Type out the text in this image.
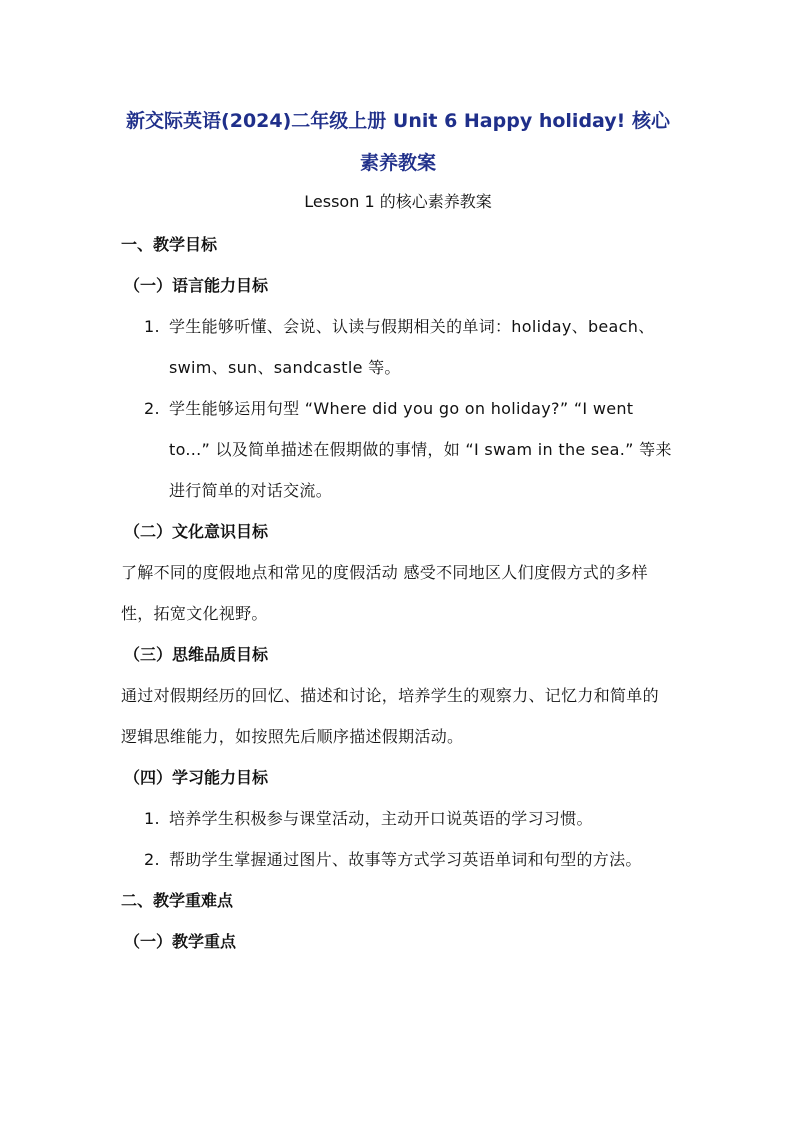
新交际英语(2024)二年级上册 Unit 6 Happy holiday! 核心素养教案

Lesson 1 的核心素养教案

一、教学目标

（一）语言能力目标

1. 学生能够听懂、会说、认读与假期相关的单词：holiday、beach、swim、sun、sandcastle 等。
2. 学生能够运用句型 “Where did you go on holiday?” “I went to...” 以及简单描述在假期做的事情，如 “I swam in the sea.” 等来进行简单的对话交流。

（二）文化意识目标

了解不同的度假地点和常见的度假活动 感受不同地区人们度假方式的多样性，拓宽文化视野。

（三）思维品质目标

通过对假期经历的回忆、描述和讨论，培养学生的观察力、记忆力和简单的逻辑思维能力，如按照先后顺序描述假期活动。

（四）学习能力目标

1. 培养学生积极参与课堂活动，主动开口说英语的学习习惯。
2. 帮助学生掌握通过图片、故事等方式学习英语单词和句型的方法。

二、教学重难点

（一）教学重点
